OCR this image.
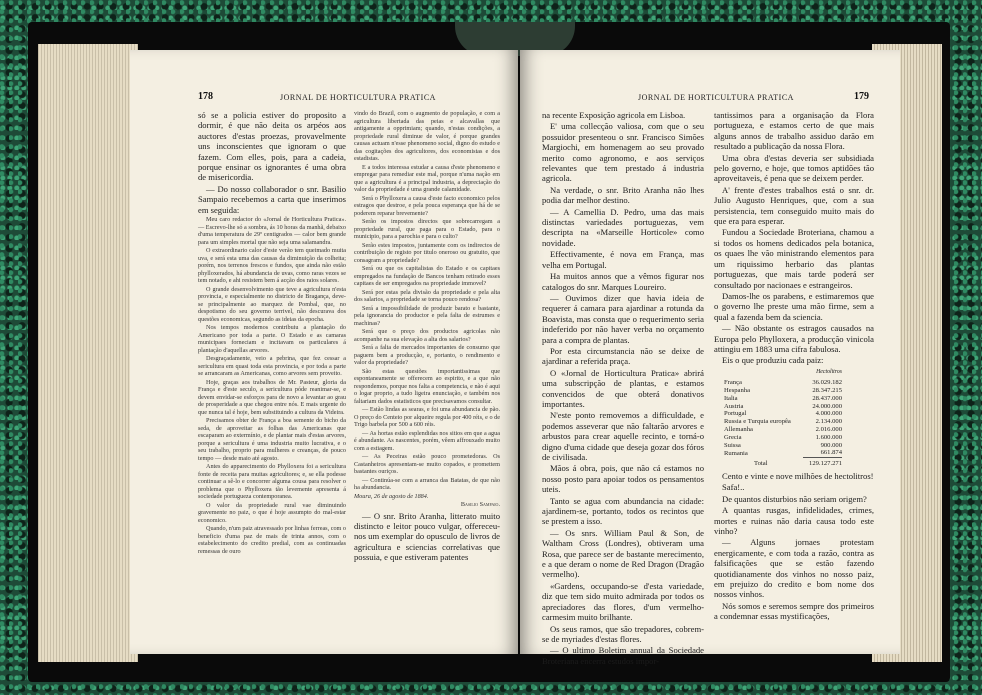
178	JORNAL DE HORTICULTURA PRATICA

só se a policia estiver do proposito a dormir, é que não deita os arpéos aos auctores d'estas proezas, provavelmente uns inconscientes que ignoram o que fazem. Com elles, pois, para a cadeia, porque ensinar os ignorantes é uma obra de misericordia.

— Do nosso collaborador o snr. Basilio Sampaio recebemos a carta que inserimos em seguida:

Meu caro redactor do «Jornal de Horticultura Pratica». — Escrevo-lhe só a sombra, ás 10 horas da manhã, debaixo d'uma temperatura de 29º centigrados — calor bem grande para um simples mortal que não seja uma salamandra.

O extraordinario calor d'este verão tem queimado muita uva, e será esta uma das causas da diminuição da colheita; porém, nos terrenos frescos e fundos, que ainda não estão phylloxerados, há abundancia de uvas, como raras vezes se tem notado, e ahi resistem bem á acção dos raios solares.

O grande desenvolvimento que teve a agricultura n'esta provincia, e especialmente no districto de Bragança, deve-se principalmente ao marquez de Pombal, que, no despotismo do seu governo terrivel, não descurava dos questões economicas, segundo as ideias da epocha.

Nos tempos modernos contribuiu a plantação do Americano por toda a parte. O Estado e as camaras municipaes forneciam e incitavam os particulares á plantação d'aquellas arvores.

Desgraçadamente, veio a pebrina, que fez cessar a sericultura em quasi toda esta provincia, e por toda a parte se arrancaram as Americanas, como arvores sem proveito.

Hoje, graças aos trabalhos de Mr. Pasteur, gloria da França e d'este seculo, a sericultura póde reanimar-se, e devem envidar-se esforços para de novo a levantar ao grau de prosperidade a que chegou entre nós. E mais urgente do que nunca tal é hoje, bem substituindo a cultura da Videira.

Precisamos obter de França a boa semente do bicho da seda, de aproveitar as folhas das Americanas que escaparam ao extermínio, e de plantar mais d'estas arvores, porque a sericultura é uma industria muito lucrativa, e o seu trabalho, proprio para mulheres e creanças, de pouco tempo — desde maio até agosto.

Antes do apparecimento do Phylloxera foi a sericultura fonte de receita para muitas agricultores; e, se ella podesse continuar a sê-lo e concorrer alguma cousa para resolver o problema que o Phylloxera tão levemente apresenta á sociedade portugueza contemporanea.

O valor da propriedade rural vae diminuindo gravemente no paiz, o que é hoje assumpto do mal-estar economico.

Quando, n'um paiz atravessado por linhas ferreas, com o beneficio d'uma paz de mais de trinta annos, com o estabelecimento do credito predial, com as continuadas remessas de ouro

vindo do Brazil, com o augmento de população, e com a agricultura libertada das peias e alcavallas que antigamente a opprimiam; quando, n'estas condições, a propriedade rural diminue de valor, é porque grandes causas actuam n'esse phenomeno social, digno do estudo e das cogitações dos agricultores, dos economistas e dos estadistas.

E a todos interessa estudar a causa d'este phenomeno e empregar para remediar este mal, porque n'uma nação em que a agricultura é a principal industria, a depreciação do valor da propriedade é uma grande calamidade.

Será o Phylloxera a causa d'este facto economico pelos estragos que destroe, e pela pouca esperança que há de se poderem reparar brevemente?

Serão os impostos directos que sobrecarregam a propriedade rural, que paga para o Estado, para o municipio, para a parochia e para o culto?

Serão estes impostos, juntamente com os indirectos de contribuição de registo por titulo oneroso ou gratuito, que consagram a propriedade?

Será ou que os capitalistas do Estado e os capitaes empregados na fundação de Bancos tenham retirado esses capitaes de ser empregados na propriedade immovel?

Será por estas pela divisão da propriedade e pela alta dos salarios, a propriedade se torna pouco rendosa?

Será a impossibilidade de produzir barato e bastante, pela ignorancia do productor e pela falta de estrumes e machinas?

Será que o preço dos productos agricolas não acompanhe na sua elevação a alta dos salarios?

Será a falta de mercados importantes de consumo que paguem bem a producção, e, portanto, o rendimento e valor da propriedade?

São estas questões importantissimas que espontaneamente se offerecem ao espirito, e a que não respondemos, porque nos falta a competencia, e não é aqui o logar proprio, a tudo ligeira enunciação, e também nos faltariam dados estatisticos que precisavamos consultar.

— Estão lindas as searas, e foi uma abundancia de pão. O preço do Centeio por alqueire regula por 400 réis, e o de Trigo barbela por 500 a 600 réis.

— As hortas estão esplendidas nos sitios em que a agua é abundante. As nascentes, porém, vêem affrouxado muito com a estiagem.

— As Peceiras estão pouco prometedoras. Os Castanheiros apresentam-se muito copados, e promettem bastantes ouriços.

— Continúa-se com a arranca das Batatas, de que não ha abundancia.

Moura, 26 de agosto de 1884.

Basilio Sampaio.

— O snr. Brito Aranha, litterato muito distincto e leitor pouco vulgar, offereceu-nos um exemplar do opusculo de livros de agricultura e sciencias correlativas que possuia, e que estiveram patentes

JORNAL DE HORTICULTURA PRATICA	179

na recente Exposição agricola em Lisboa.

E' uma collecção valiosa, com que o seu possuidor presenteou o snr. Francisco Simões Margiochi, em homenagem ao seu provado merito como agronomo, e aos serviços relevantes que tem prestado á industria agricola.

Na verdade, o snr. Brito Aranha não lhes podia dar melhor destino.

— A Camellia D. Pedro, uma das mais distinctas variedades portuguezas, vem descripta na «Marseille Horticole» como novidade.

Effectivamente, é nova em França, mas velha em Portugal.

Ha muitos annos que a vêmos figurar nos catalogos do snr. Marques Loureiro.

— Ouvimos dizer que havia ideia de requerer á camara para ajardinar a rotunda da Boavista, mas consta que o requerimento seria indeferido por não haver verba no orçamento para a compra de plantas.

Por esta circumstancia não se deixe de ajardinar a referida praça.

O «Jornal de Horticultura Pratica» abrirá uma subscripção de plantas, e estamos convencidos de que obterá donativos importantes.

N'este ponto removemos a difficuldade, e podemos asseverar que não faltarão arvores e arbustos para crear aquelle recinto, e torná-o digno d'uma cidade que deseja gozar dos fóros de civilisada.

Mãos á obra, pois, que não cá estamos no nosso posto para apoiar todos os pensamentos uteis.

Tanto se agua com abundancia na cidade: ajardinem-se, portanto, todos os recintos que se prestem a isso.

— Os snrs. William Paul & Son, de Waltham Cross (Londres), obtiveram uma Rosa, que parece ser de bastante merecimento, e a que deram o nome de Red Dragon (Dragão vermelho).

«Gardens, occupando-se d'esta variedade, diz que tem sido muito admirada por todos os apreciadores das flores, d'um vermelho-carmesim muito brilhante.

Os seus ramos, que são trepadores, cobrem-se de myriades d'estas flores.

— O ultimo Boletim annual da Sociedade Broteriana encerra estudos impor-

tantissimos para a organisação da Flora portugueza, e estamos certo de que mais alguns annos de trabalho assiduo darão em resultado a publicação da nossa Flora.

Uma obra d'estas deveria ser subsidiada pelo governo, e hoje, que tomos aptidões tão aproveitaveis, é pena que se deixem perder.

A' frente d'estes trabalhos está o snr. dr. Julio Augusto Henriques, que, com a sua persistencia, tem conseguido muito mais do que era para esperar.

Fundou a Sociedade Broteriana, chamou a si todos os homens dedicados pela botanica, os quaes lhe vão ministrando elementos para um riquissimo herbario das plantas portuguezas, que mais tarde poderá ser consultado por nacionaes e estrangeiros.

Damos-lhe os parabens, e estimaremos que o governo lhe preste uma mão firme, sem a qual a fazenda bem da sciencia.

— Não obstante os estragos causados na Europa pelo Phylloxera, a producção vinicola attingiu em 1883 uma cifra fabulosa.

Eis o que produziu cada paiz:

Hectolitros
França	36.029.182
Hespanha	28.347.215
Italia	28.437.000
Austria	24.000.000
Portugal	4.000.000
Russia e Turquia europêa	2.134.000
Allemanha	2.016.000
Grecia	1.600.000
Suissa	900.000
Rumania	661.874
Total	129.127.271

Cento e vinte e nove milhões de hectolitros!

Safa!..

De quantos disturbios não seriam origem?

A quantas rusgas, infidelidades, crimes, mortes e ruinas não daria causa todo este vinho?

— Alguns jornaes protestam energicamente, e com toda a razão, contra as falsificações que se estão fazendo quotidianamente dos vinhos no nosso paiz, em prejuizo do credito e bom nome dos nossos vinhos.

Nós somos e seremos sempre dos primeiros a condemnar essas mystificações,
